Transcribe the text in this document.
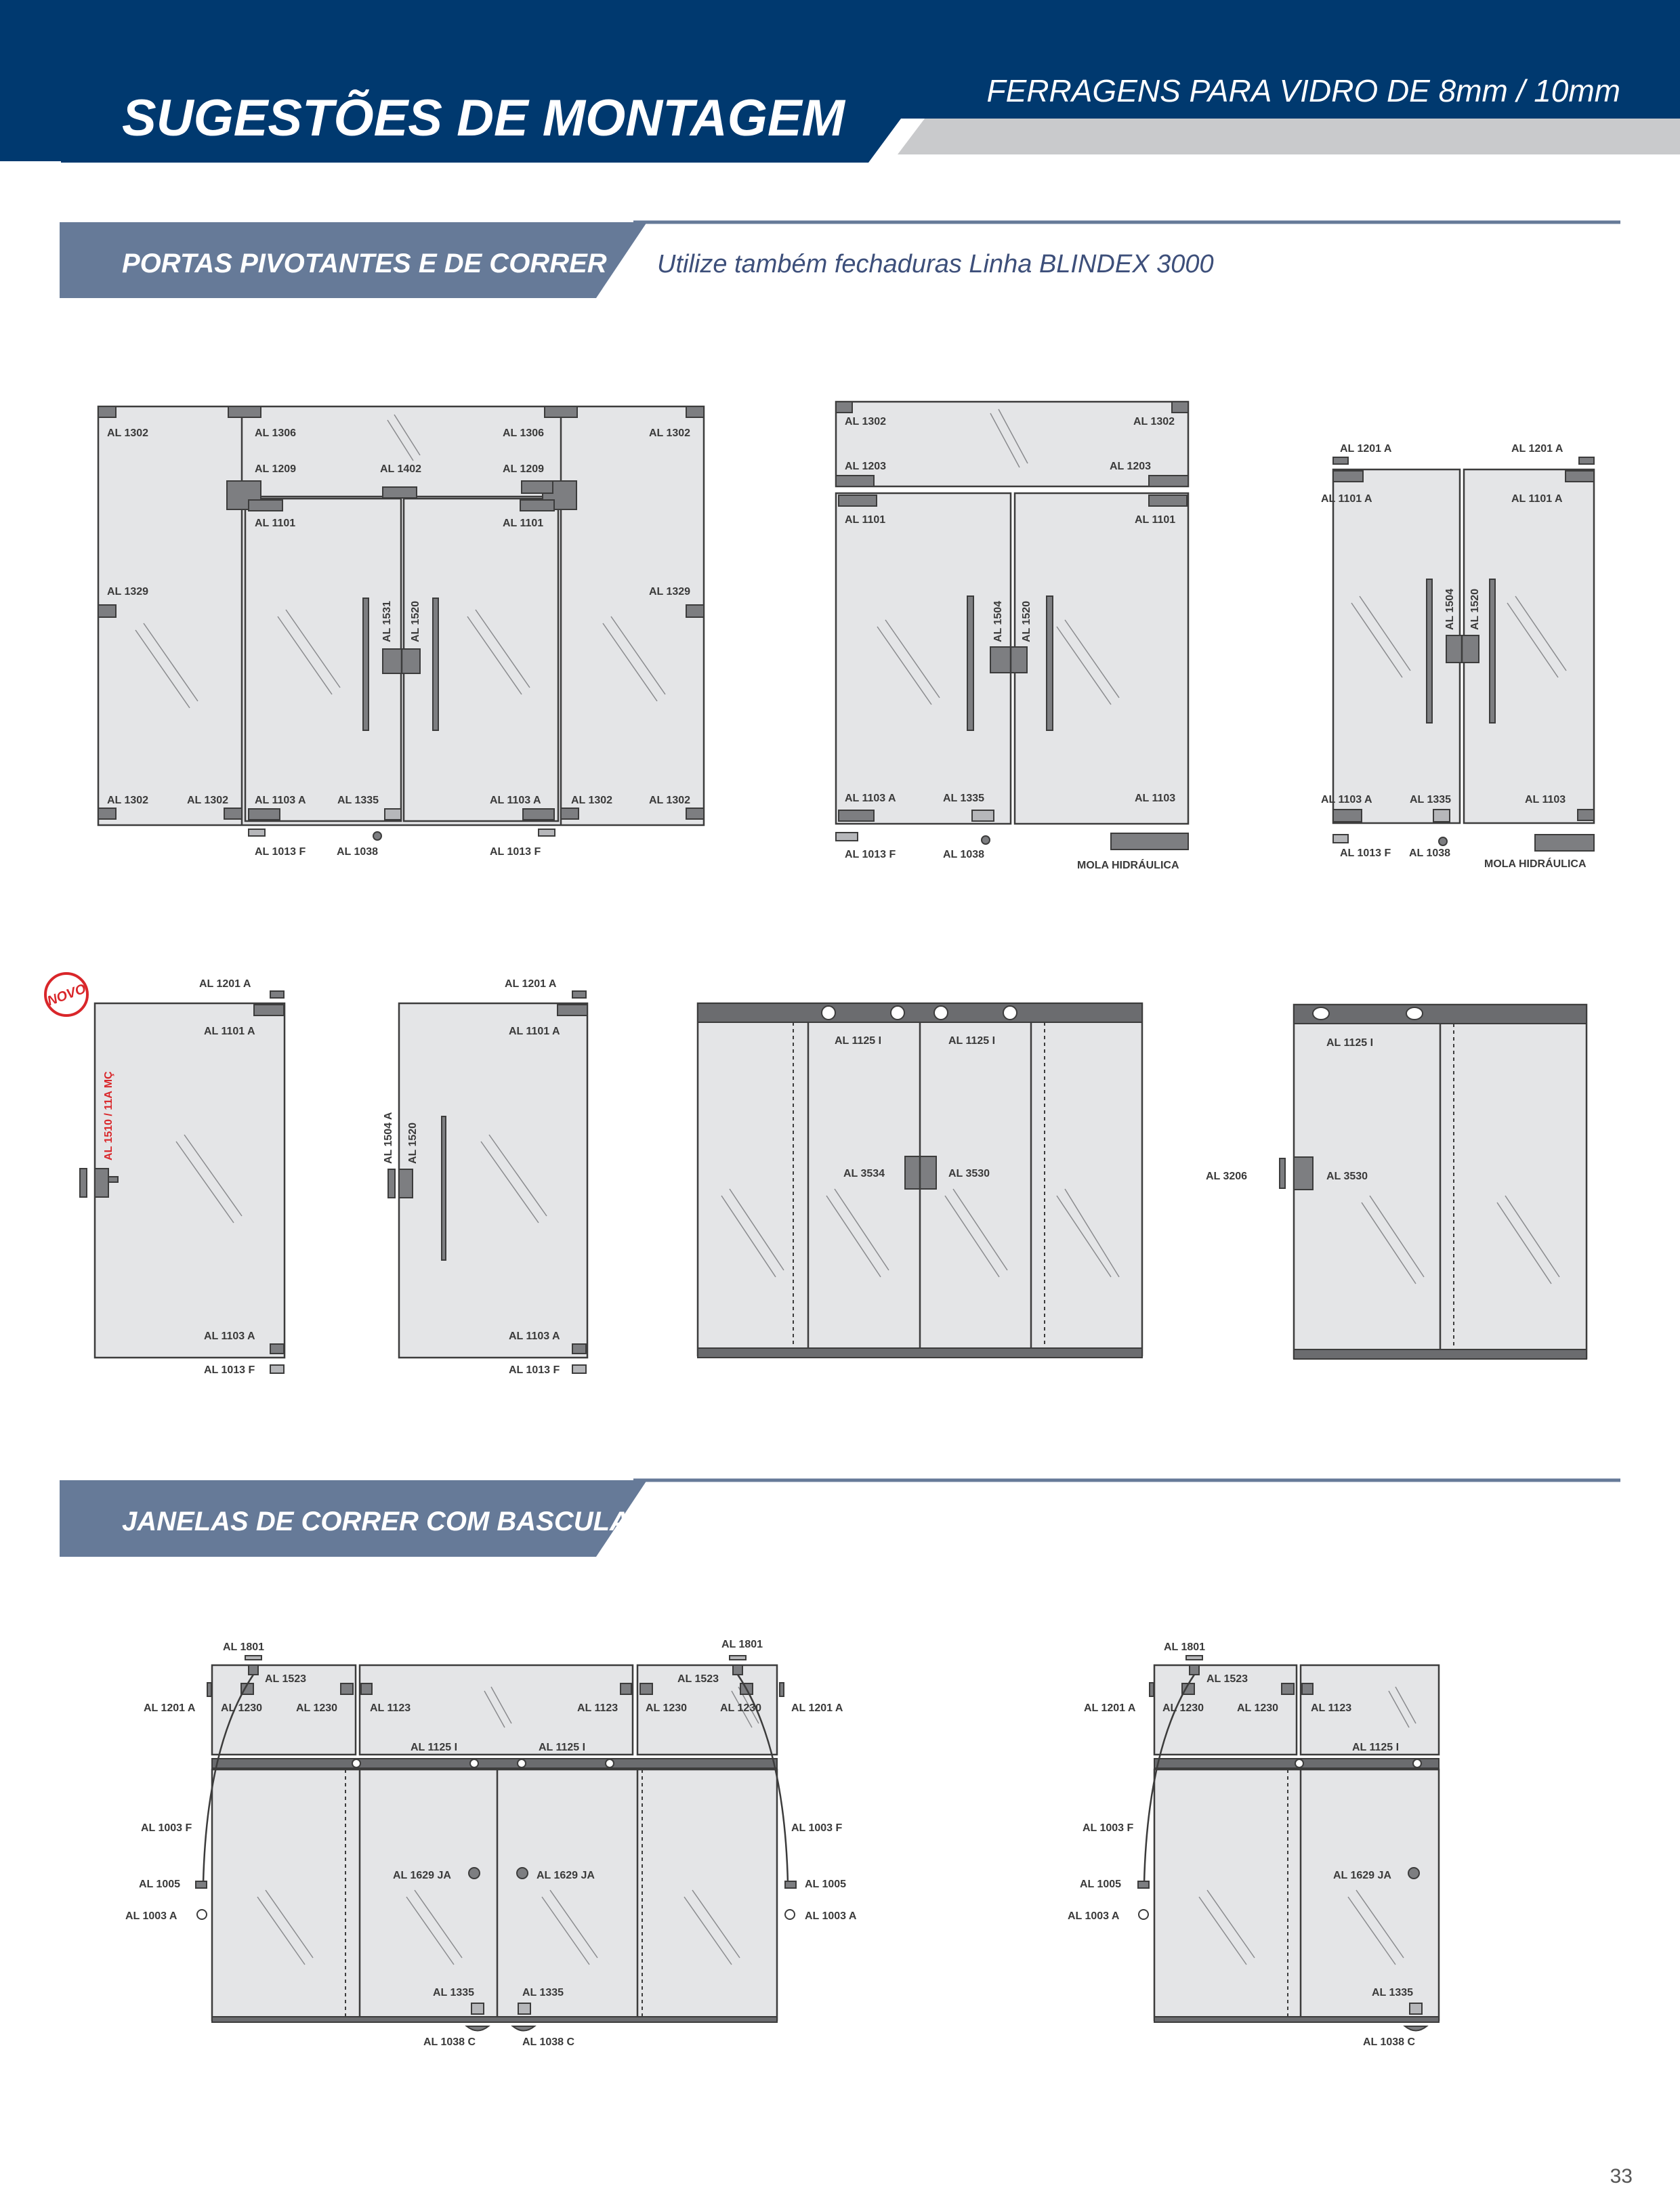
SUGESTÕES DE MONTAGEM	FERRAGENS PARA VIDRO DE 8mm / 10mm
PORTAS PIVOTANTES E DE CORRER Utilize também fechaduras Linha BLINDEX 3000
AL 1302	AL 1302
AL 1306	AL 1306
AL 1209	AL 1402	AL 1209
AL 1101	AL 1101
AL 1329	AL 1329
AL 1531 AL 1520
AL 1302	AL 1302 AL 1103 A	AL 1335	AL 1103 A	AL 1302	AL 1302
AL 1013 F	AL 1038	AL 1013 F
AL 1302	AL 1302
AL 1203	AL 1203
AL 1101	AL 1101
AL 1504 AL 1520
AL 1103 A	AL 1335	AL 1103
AL 1013 F	AL 1038
MOLA HIDRÁULICA
AL 1201 A	AL 1201 A
AL 1101 A	AL 1101 A
AL 1504 AL 1520
AL 1103 A	AL 1335	AL 1103
AL 1013 F AL 1038
MOLA HIDRÁULICA
NOVO	AL 1201 A
AL 1101 A
AL 1510 / 11A MÇ
AL 1103 A
AL 1013 F
AL 1201 A
AL 1101 A
AL 1504 A AL 1520
AL 1103 A
AL 1013 F
AL 1125 I	AL 1125 I
AL 3534	AL 3530
AL 1125 I
AL 3206	AL 3530
JANELAS DE CORRER COM BASCULANTE
AL 1801	AL 1801
AL 1523	AL 1523
AL 1201 A	AL 1201 A
AL 1230	AL 1230	AL 1230	AL 1230
AL 1123	AL 1123
AL 1125 I	AL 1125 I
AL 1003 F	AL 1003 F
AL 1005	AL 1005
AL 1003 A	AL 1003 A
AL 1629 JA	AL 1629 JA
AL 1335	AL 1335
AL 1038 C	AL 1038 C
AL 1801
AL 1523
AL 1201 A AL 1230	AL 1230	AL 1123
AL 1125 I
AL 1003 F
AL 1005
AL 1003 A
AL 1629 JA
AL 1335
AL 1038 C
33
